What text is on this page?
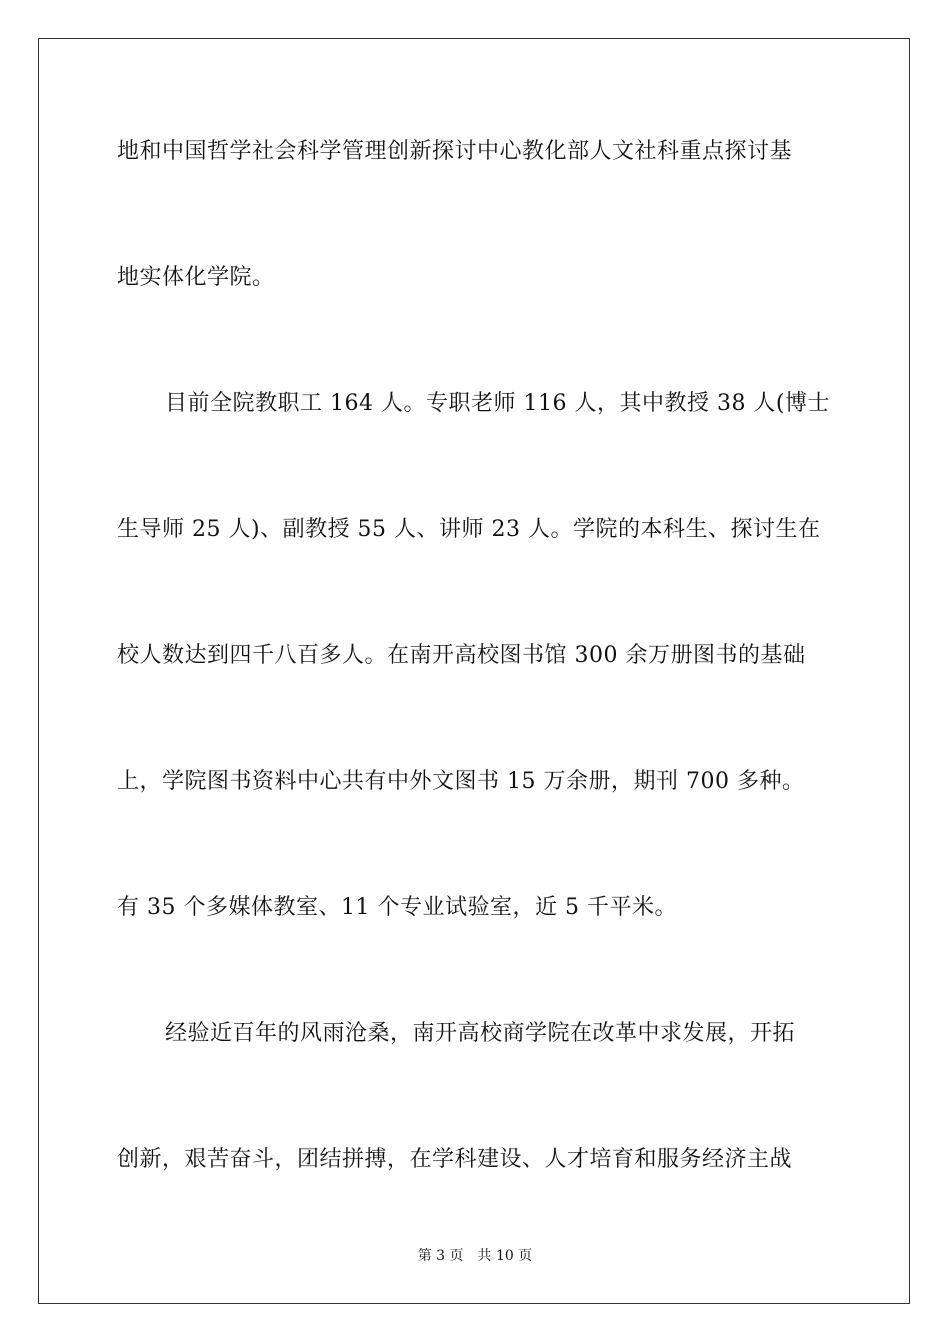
地和中国哲学社会科学管理创新探讨中心教化部人文社科重点探讨基
地实体化学院。
目前全院教职工 164 人。专职老师 116 人，其中教授 38 人(博士
生导师 25 人)、副教授 55 人、讲师 23 人。学院的本科生、探讨生在
校人数达到四千八百多人。在南开高校图书馆 300 余万册图书的基础
上，学院图书资料中心共有中外文图书 15 万余册，期刊 700 多种。
有 35 个多媒体教室、11 个专业试验室，近 5 千平米。
经验近百年的风雨沧桑，南开高校商学院在改革中求发展，开拓
创新，艰苦奋斗，团结拼搏，在学科建设、人才培育和服务经济主战
第 3 页 共 10 页
